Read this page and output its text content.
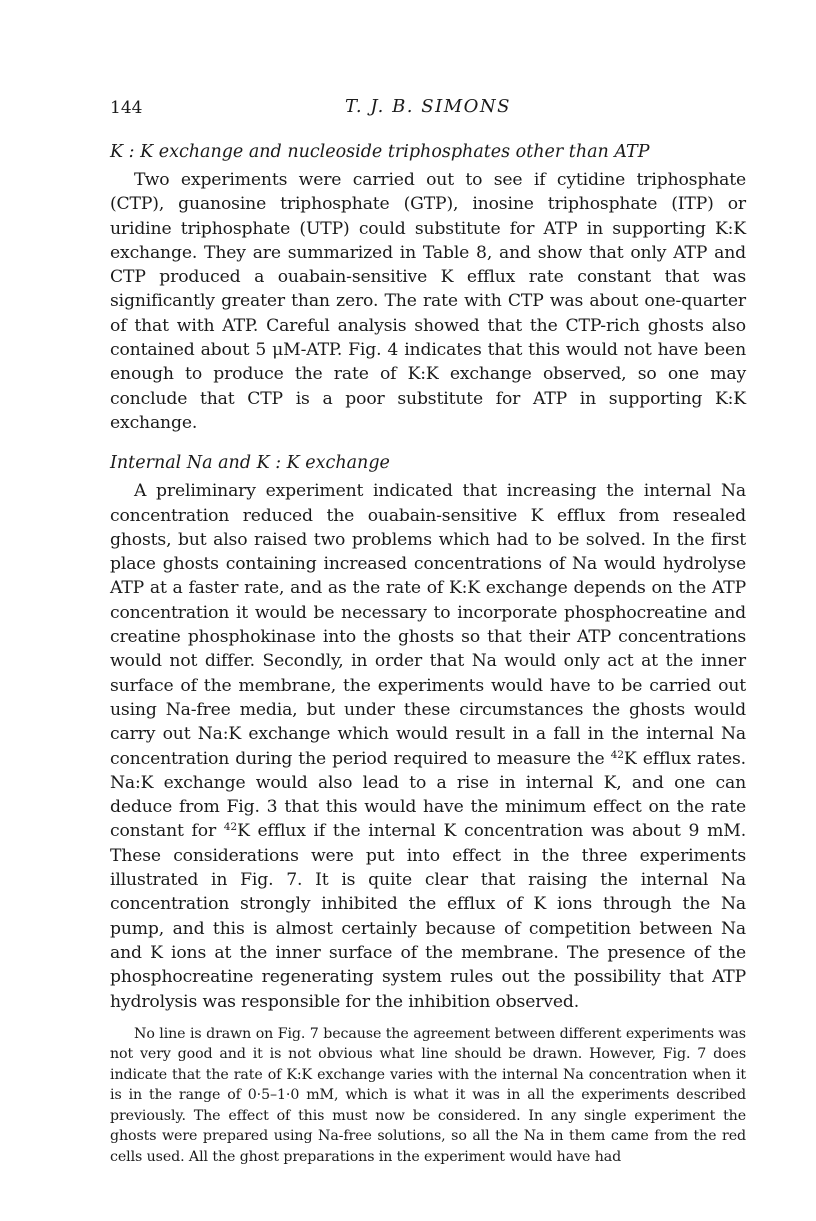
144	T. J. B. SIMONS
K : K exchange and nucleoside triphosphates other than ATP

Two experiments were carried out to see if cytidine triphosphate (CTP), guanosine triphosphate (GTP), inosine triphosphate (ITP) or uridine triphosphate (UTP) could substitute for ATP in supporting K:K exchange. They are summarized in Table 8, and show that only ATP and CTP produced a ouabain-sensitive K efflux rate constant that was significantly greater than zero. The rate with CTP was about one-quarter of that with ATP. Careful analysis showed that the CTP-rich ghosts also contained about 5 μM-ATP. Fig. 4 indicates that this would not have been enough to produce the rate of K:K exchange observed, so one may conclude that CTP is a poor substitute for ATP in supporting K:K exchange.

Internal Na and K : K exchange

A preliminary experiment indicated that increasing the internal Na concentration reduced the ouabain-sensitive K efflux from resealed ghosts, but also raised two problems which had to be solved. In the first place ghosts containing increased concentrations of Na would hydrolyse ATP at a faster rate, and as the rate of K:K exchange depends on the ATP concentration it would be necessary to incorporate phosphocreatine and creatine phosphokinase into the ghosts so that their ATP concentrations would not differ. Secondly, in order that Na would only act at the inner surface of the membrane, the experiments would have to be carried out using Na-free media, but under these circumstances the ghosts would carry out Na:K exchange which would result in a fall in the internal Na concentration during the period required to measure the $^{42}$K efflux rates. Na:K exchange would also lead to a rise in internal K, and one can deduce from Fig. 3 that this would have the minimum effect on the rate constant for $^{42}$K efflux if the internal K concentration was about 9 mM. These considerations were put into effect in the three experiments illustrated in Fig. 7. It is quite clear that raising the internal Na concentration strongly inhibited the efflux of K ions through the Na pump, and this is almost certainly because of competition between Na and K ions at the inner surface of the membrane. The presence of the phosphocreatine regenerating system rules out the possibility that ATP hydrolysis was responsible for the inhibition observed.

No line is drawn on Fig. 7 because the agreement between different experiments was not very good and it is not obvious what line should be drawn. However, Fig. 7 does indicate that the rate of K:K exchange varies with the internal Na concentration when it is in the range of 0·5–1·0 mM, which is what it was in all the experiments described previously. The effect of this must now be considered. In any single experiment the ghosts were prepared using Na-free solutions, so all the Na in them came from the red cells used. All the ghost preparations in the experiment would have had
